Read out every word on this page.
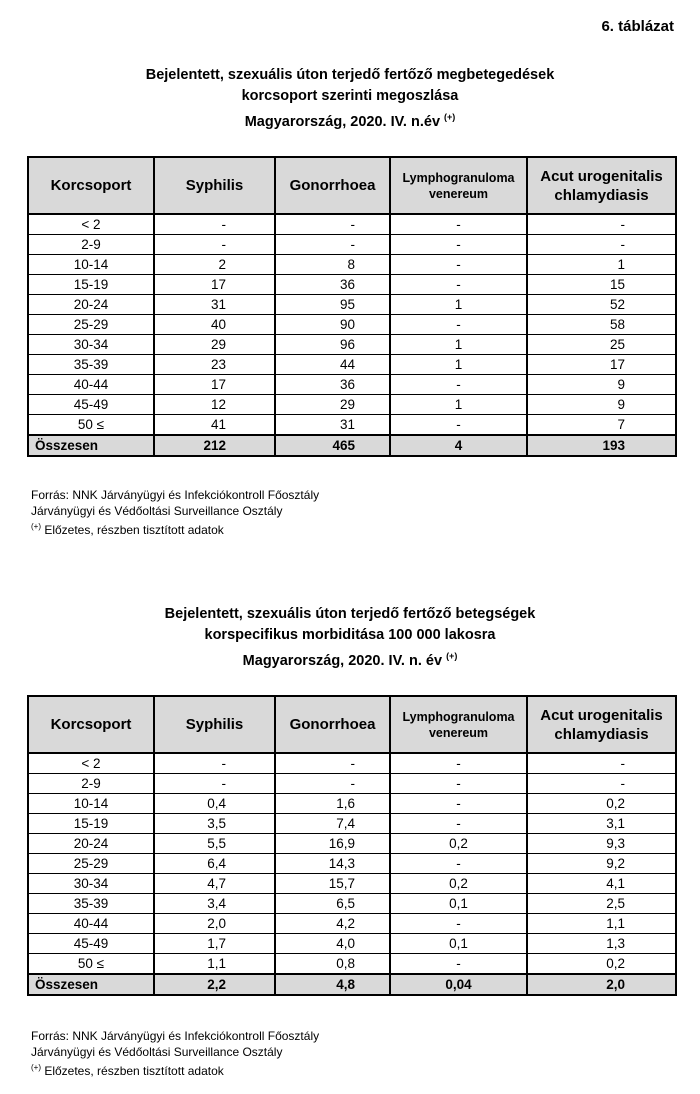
6. táblázat
Bejelentett, szexuális úton terjedő fertőző megbetegedések
korcsoport szerinti megoszlása
Magyarország, 2020. IV. n.év (+)
Korcsoport	Syphilis	Gonorrhoea	Lymphogranuloma venereum	Acut urogenitalis chlamydiasis
< 2	-	-	-	-
2-9	-	-	-	-
10-14	2	8	-	1
15-19	17	36	-	15
20-24	31	95	1	52
25-29	40	90	-	58
30-34	29	96	1	25
35-39	23	44	1	17
40-44	17	36	-	9
45-49	12	29	1	9
50 ≤	41	31	-	7
Összesen	212	465	4	193
Forrás: NNK Járványügyi és Infekciókontroll Főosztály
Járványügyi és Védőoltási Surveillance Osztály
(+) Előzetes, részben tisztított adatok
Bejelentett, szexuális úton terjedő fertőző betegségek
korspecifikus morbiditása 100 000 lakosra
Magyarország, 2020. IV. n. év (+)
Korcsoport	Syphilis	Gonorrhoea	Lymphogranuloma venereum	Acut urogenitalis chlamydiasis
< 2	-	-	-	-
2-9	-	-	-	-
10-14	0,4	1,6	-	0,2
15-19	3,5	7,4	-	3,1
20-24	5,5	16,9	0,2	9,3
25-29	6,4	14,3	-	9,2
30-34	4,7	15,7	0,2	4,1
35-39	3,4	6,5	0,1	2,5
40-44	2,0	4,2	-	1,1
45-49	1,7	4,0	0,1	1,3
50 ≤	1,1	0,8	-	0,2
Összesen	2,2	4,8	0,04	2,0
Forrás: NNK Járványügyi és Infekciókontroll Főosztály
Járványügyi és Védőoltási Surveillance Osztály
(+) Előzetes, részben tisztított adatok
